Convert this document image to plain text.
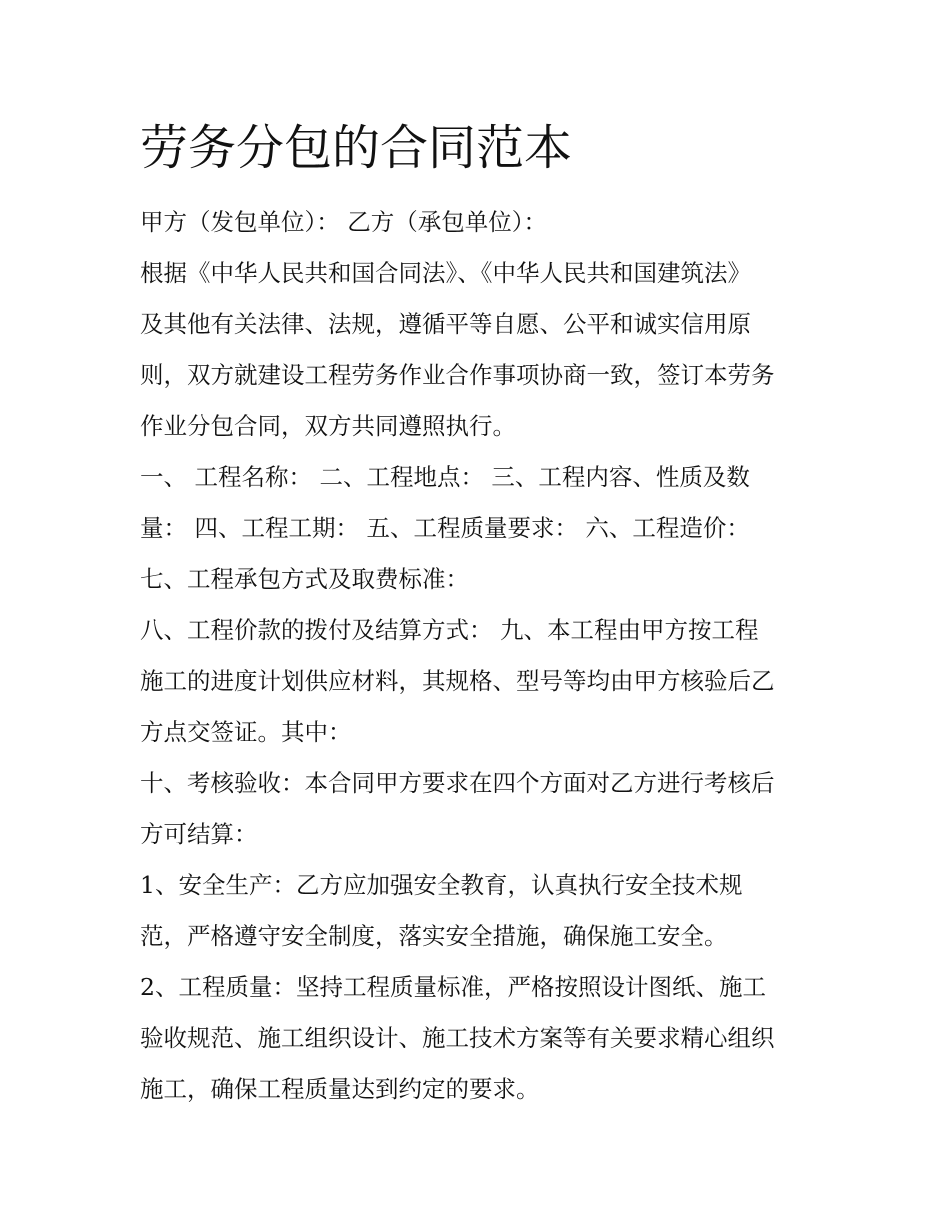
劳务分包的合同范本

甲方（发包单位）： 乙方（承包单位）：

根据《中华人民共和国合同法》、《中华人民共和国建筑法》

及其他有关法律、法规，遵循平等自愿、公平和诚实信用原

则，双方就建设工程劳务作业合作事项协商一致，签订本劳务

作业分包合同，双方共同遵照执行。

一、 工程名称： 二、工程地点： 三、工程内容、性质及数

量： 四、工程工期： 五、工程质量要求： 六、工程造价：

七、工程承包方式及取费标准：

八、工程价款的拨付及结算方式： 九、本工程由甲方按工程

施工的进度计划供应材料，其规格、型号等均由甲方核验后乙

方点交签证。其中：

十、考核验收：本合同甲方要求在四个方面对乙方进行考核后

方可结算：

1、安全生产：乙方应加强安全教育，认真执行安全技术规

范，严格遵守安全制度，落实安全措施，确保施工安全。

2、工程质量：坚持工程质量标准，严格按照设计图纸、施工

验收规范、施工组织设计、施工技术方案等有关要求精心组织

施工，确保工程质量达到约定的要求。
